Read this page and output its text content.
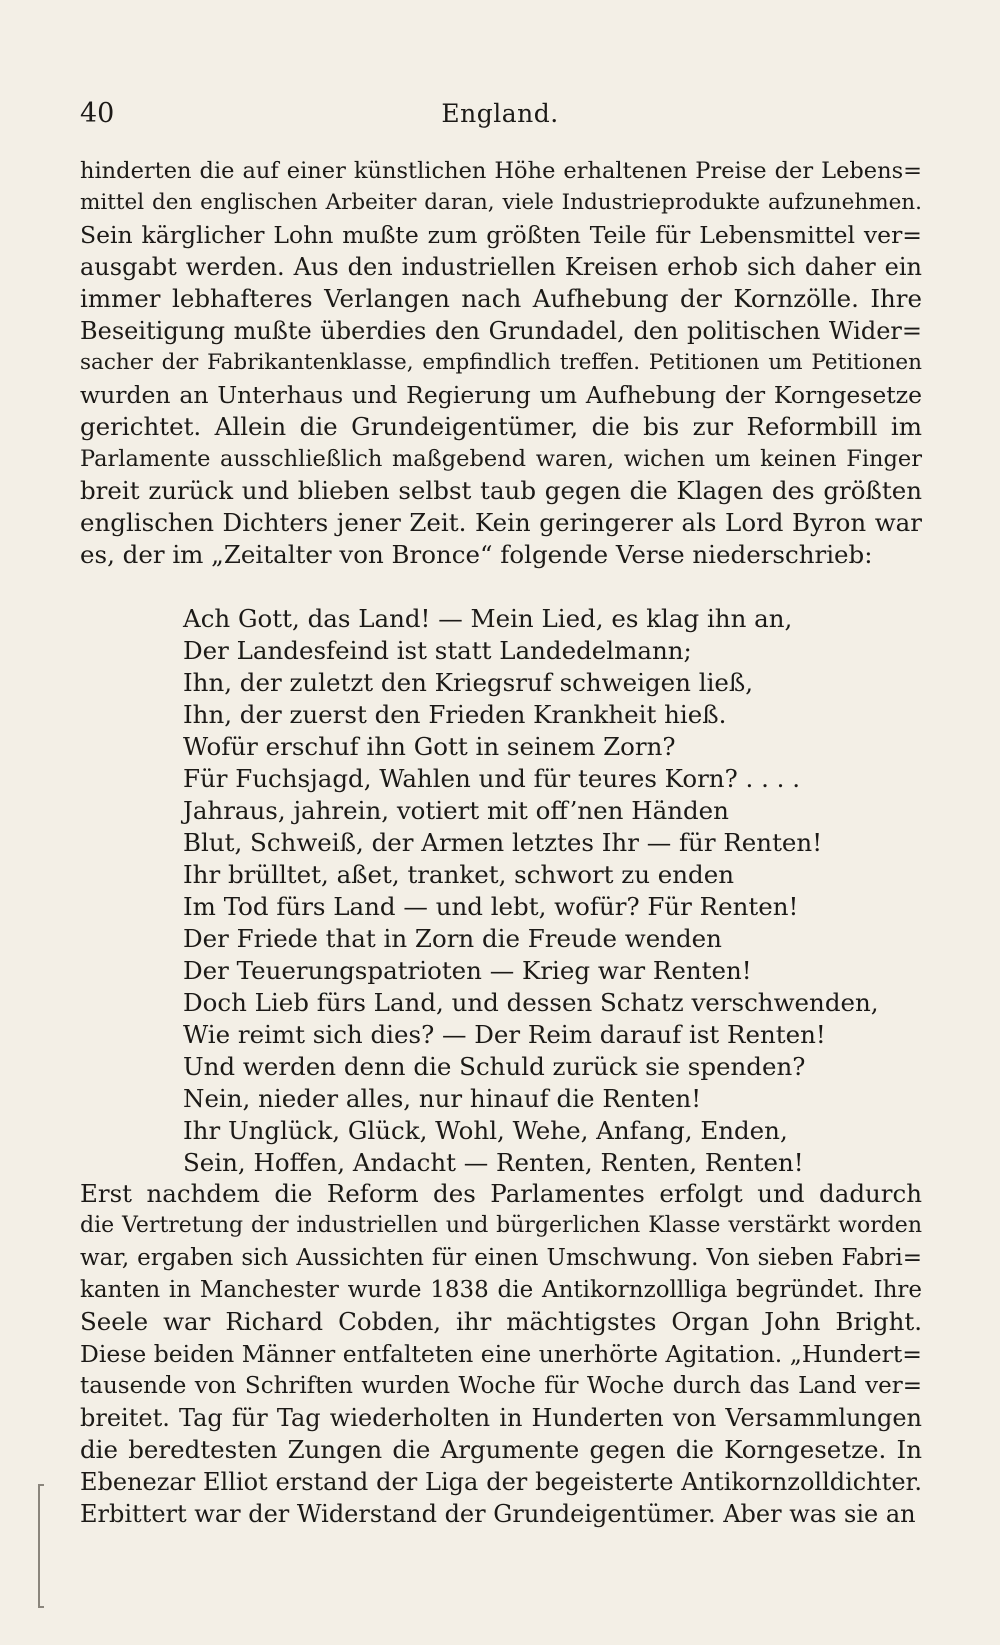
40	England.
hinderten die auf einer künstlichen Höhe erhaltenen Preise der Lebens=
mittel den englischen Arbeiter daran, viele Industrieprodukte aufzunehmen.
Sein kärglicher Lohn mußte zum größten Teile für Lebensmittel ver=
ausgabt werden. Aus den industriellen Kreisen erhob sich daher ein
immer lebhafteres Verlangen nach Aufhebung der Kornzölle. Ihre
Beseitigung mußte überdies den Grundadel, den politischen Wider=
sacher der Fabrikantenklasse, empfindlich treffen. Petitionen um Petitionen
wurden an Unterhaus und Regierung um Aufhebung der Korngesetze
gerichtet. Allein die Grundeigentümer, die bis zur Reformbill im
Parlamente ausschließlich maßgebend waren, wichen um keinen Finger
breit zurück und blieben selbst taub gegen die Klagen des größten
englischen Dichters jener Zeit. Kein geringerer als Lord Byron war
es, der im „Zeitalter von Bronce“ folgende Verse niederschrieb:
Ach Gott, das Land! — Mein Lied, es klag ihn an,
Der Landesfeind ist statt Landedelmann;
Ihn, der zuletzt den Kriegsruf schweigen ließ,
Ihn, der zuerst den Frieden Krankheit hieß.
Wofür erschuf ihn Gott in seinem Zorn?
Für Fuchsjagd, Wahlen und für teures Korn? . . . .
Jahraus, jahrein, votiert mit off’nen Händen
Blut, Schweiß, der Armen letztes Ihr — für Renten!
Ihr brülltet, aßet, tranket, schwort zu enden
Im Tod fürs Land — und lebt, wofür? Für Renten!
Der Friede that in Zorn die Freude wenden
Der Teuerungspatrioten — Krieg war Renten!
Doch Lieb fürs Land, und dessen Schatz verschwenden,
Wie reimt sich dies? — Der Reim darauf ist Renten!
Und werden denn die Schuld zurück sie spenden?
Nein, nieder alles, nur hinauf die Renten!
Ihr Unglück, Glück, Wohl, Wehe, Anfang, Enden,
Sein, Hoffen, Andacht — Renten, Renten, Renten!
Erst nachdem die Reform des Parlamentes erfolgt und dadurch
die Vertretung der industriellen und bürgerlichen Klasse verstärkt worden
war, ergaben sich Aussichten für einen Umschwung. Von sieben Fabri=
kanten in Manchester wurde 1838 die Antikornzollliga begründet. Ihre
Seele war Richard Cobden, ihr mächtigstes Organ John Bright.
Diese beiden Männer entfalteten eine unerhörte Agitation. „Hundert=
tausende von Schriften wurden Woche für Woche durch das Land ver=
breitet. Tag für Tag wiederholten in Hunderten von Versammlungen
die beredtesten Zungen die Argumente gegen die Korngesetze. In
Ebenezar Elliot erstand der Liga der begeisterte Antikornzolldichter.
Erbittert war der Widerstand der Grundeigentümer. Aber was sie an
